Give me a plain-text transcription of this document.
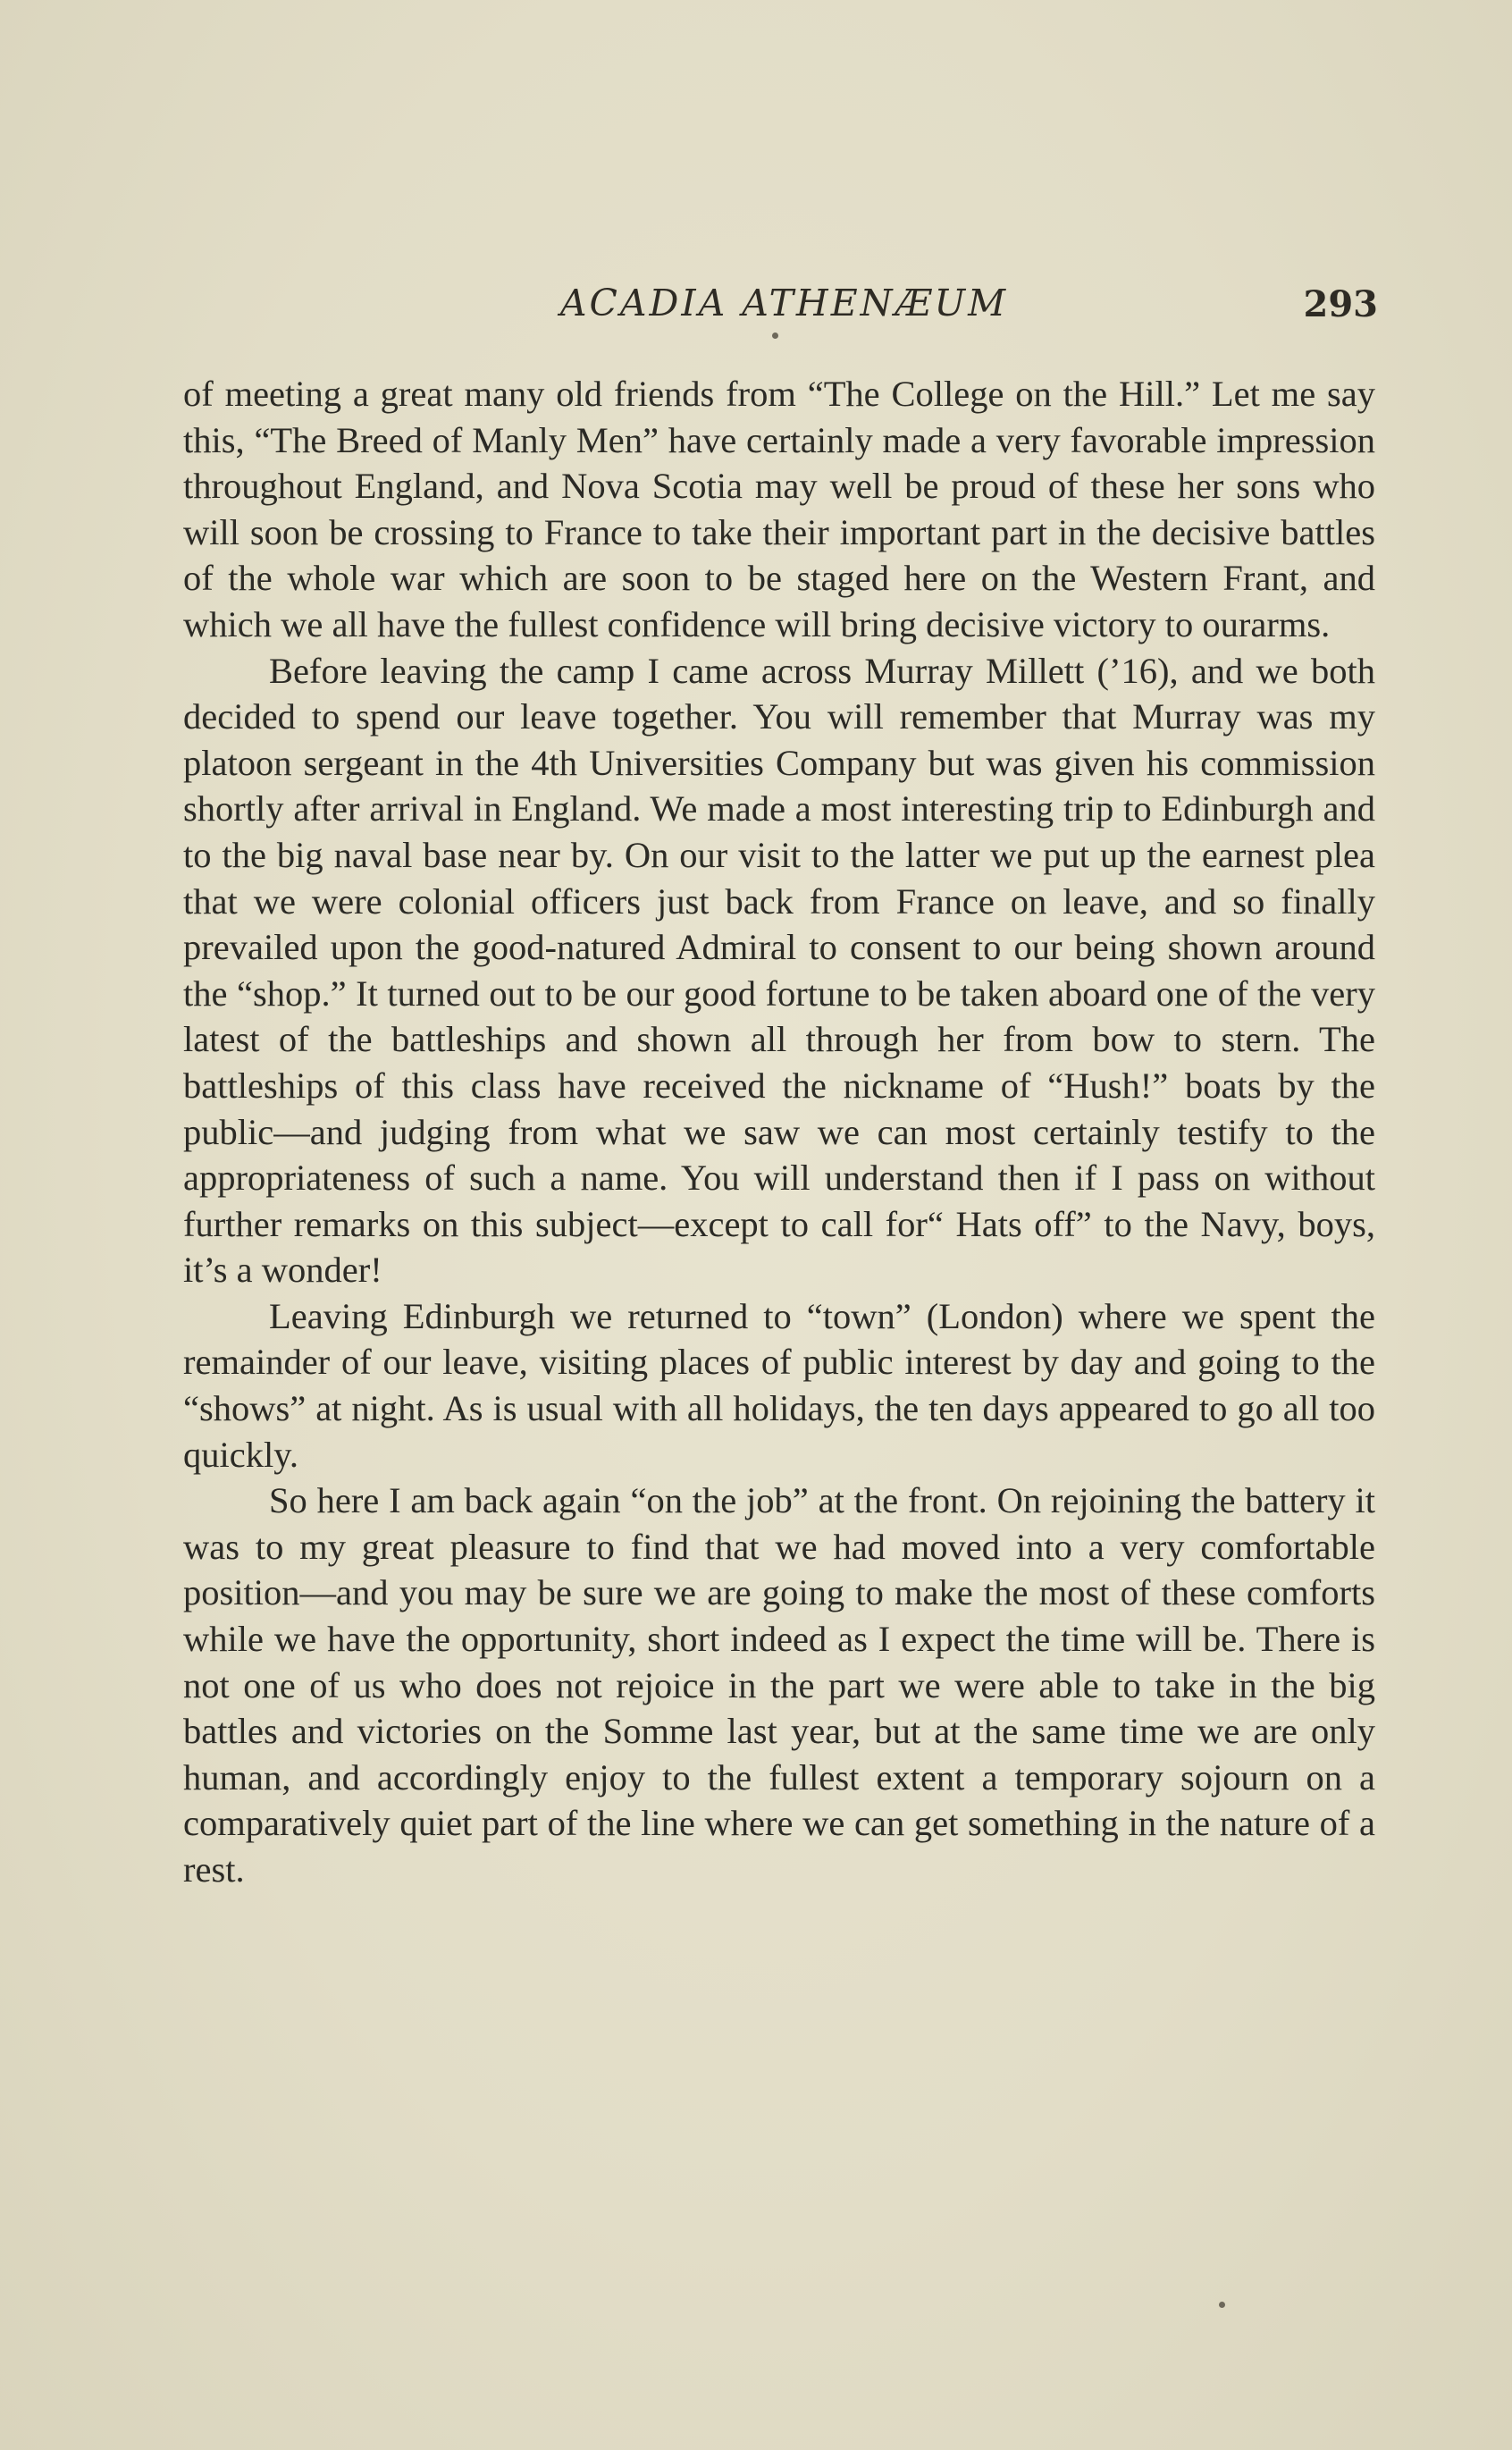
ACADIA ATHENÆUM	293

of meeting a great many old friends from “The College on the Hill.” Let me say this, “The Breed of Manly Men” have certainly made a very favorable impression throughout England, and Nova Scotia may well be proud of these her sons who will soon be crossing to France to take their important part in the decisive battles of the whole war which are soon to be staged here on the Western Frant, and which we all have the fullest confidence will bring decisive victory to ourarms.

Before leaving the camp I came across Murray Millett (’16), and we both decided to spend our leave together. You will remember that Murray was my platoon sergeant in the 4th Universities Company but was given his commission shortly after arrival in England. We made a most interesting trip to Edinburgh and to the big naval base near by. On our visit to the latter we put up the earnest plea that we were colonial officers just back from France on leave, and so finally prevailed upon the good-natured Admiral to consent to our being shown around the “shop.” It turned out to be our good fortune to be taken aboard one of the very latest of the battleships and shown all through her from bow to stern. The battleships of this class have received the nickname of “Hush!” boats by the public—and judging from what we saw we can most certainly testify to the appropriateness of such a name. You will understand then if I pass on without further remarks on this subject—except to call for“ Hats off” to the Navy, boys, it’s a wonder!

Leaving Edinburgh we returned to “town” (London) where we spent the remainder of our leave, visiting places of public interest by day and going to the “shows” at night. As is usual with all holidays, the ten days appeared to go all too quickly.

So here I am back again “on the job” at the front. On rejoining the battery it was to my great pleasure to find that we had moved into a very comfortable position—and you may be sure we are going to make the most of these comforts while we have the opportunity, short indeed as I expect the time will be. There is not one of us who does not rejoice in the part we were able to take in the big battles and victories on the Somme last year, but at the same time we are only human, and accordingly enjoy to the fullest extent a temporary sojourn on a comparatively quiet part of the line where we can get something in the nature of a rest.
